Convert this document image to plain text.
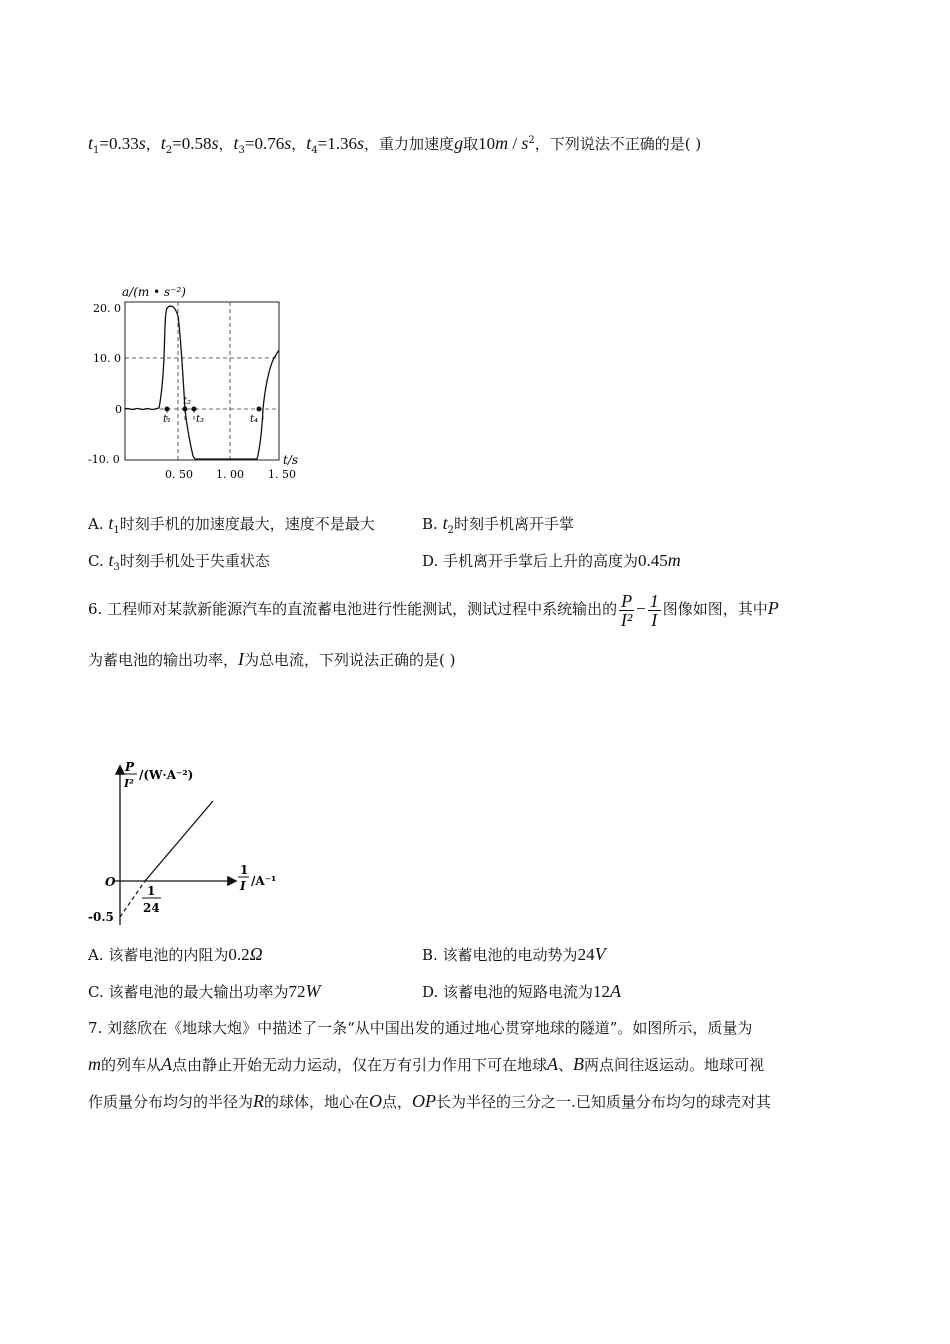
$t_1=0.33s$，$t_2=0.58s$，$t_3=0.76s$，$t_4=1.36s$，重力加速度g取$10m / s^2$，下列说法不正确的是( )
a/(m • s⁻²)
20. 0
10. 0
0
-10. 0
0. 50 1. 00 1. 50
t/s
t₁
t₂
t₃	t₄
A. $t_1$时刻手机的加速度最大，速度不是最大	B. $t_2$时刻手机离开手掌
C. $t_3$时刻手机处于失重状态	D. 手机离开手掌后上升的高度为0.45m
6. 工程师对某款新能源汽车的直流蓄电池进行性能测试，测试过程中系统输出的 $\frac{P}{\text{I²}} - \frac{1}{I}$ 图像如图，其中P
为蓄电池的输出功率，I为总电流，下列说法正确的是( )
P
I²
/(W·A⁻²)
1
I /A⁻¹
O
-0.5
1
24
A. 该蓄电池的内阻为0.2Ω	B. 该蓄电池的电动势为24V
C. 该蓄电池的最大输出功率为72W	D. 该蓄电池的短路电流为12A
7. 刘慈欣在《地球大炮》中描述了一条“从中国出发的通过地心贯穿地球的隧道”。如图所示，质量为
m的列车从A点由静止开始无动力运动，仅在万有引力作用下可在地球A、B两点间往返运动。地球可视
作质量分布均匀的半径为R的球体，地心在O点，OP长为半径的三分之一.已知质量分布均匀的球壳对其
